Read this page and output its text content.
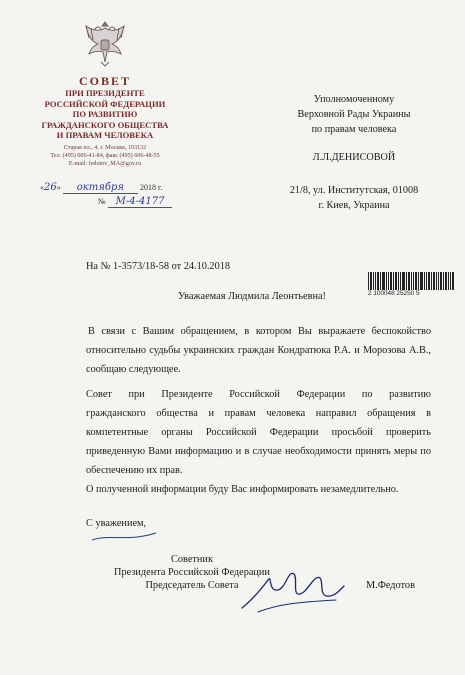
СОВЕТ
ПРИ ПРЕЗИДЕНТЕ
РОССИЙСКОЙ ФЕДЕРАЦИИ
ПО РАЗВИТИЮ
ГРАЖДАНСКОГО ОБЩЕСТВА
И ПРАВАМ ЧЕЛОВЕКА
Старая пл., 4, г. Москва, 103132
Тел. (495) 606-41-84, факс (495) 606-48-55
E-mail: fedotov_MA@gov.ru
«26» октября 2018 г.
№ М-4-4177
Уполномоченному
Верховной Рады Украины
по правам человека
Л.Л.ДЕНИСОВОЙ
21/8, ул. Институтская, 01008
г. Киев, Украина
2 100048 25250 5
На № 1-3573/18-58 от 24.10.2018
Уважаемая Людмила Леонтьевна!
В связи с Вашим обращением, в котором Вы выражаете беспокойство
относительно судьбы украинских граждан Кондратюка Р.А. и Морозова А.В.,
сообщаю следующее.
Совет при Президенте Российской Федерации по развитию
гражданского общества и правам человека направил обращения в
компетентные органы Российской Федерации просьбой проверить
приведенную Вами информацию и в случае необходимости принять меры по
обеспечению их прав.
О полученной информации буду Вас информировать незамедлительно.
С уважением,
Советник
Президента Российской Федерации
Председатель Совета	М.Федотов
